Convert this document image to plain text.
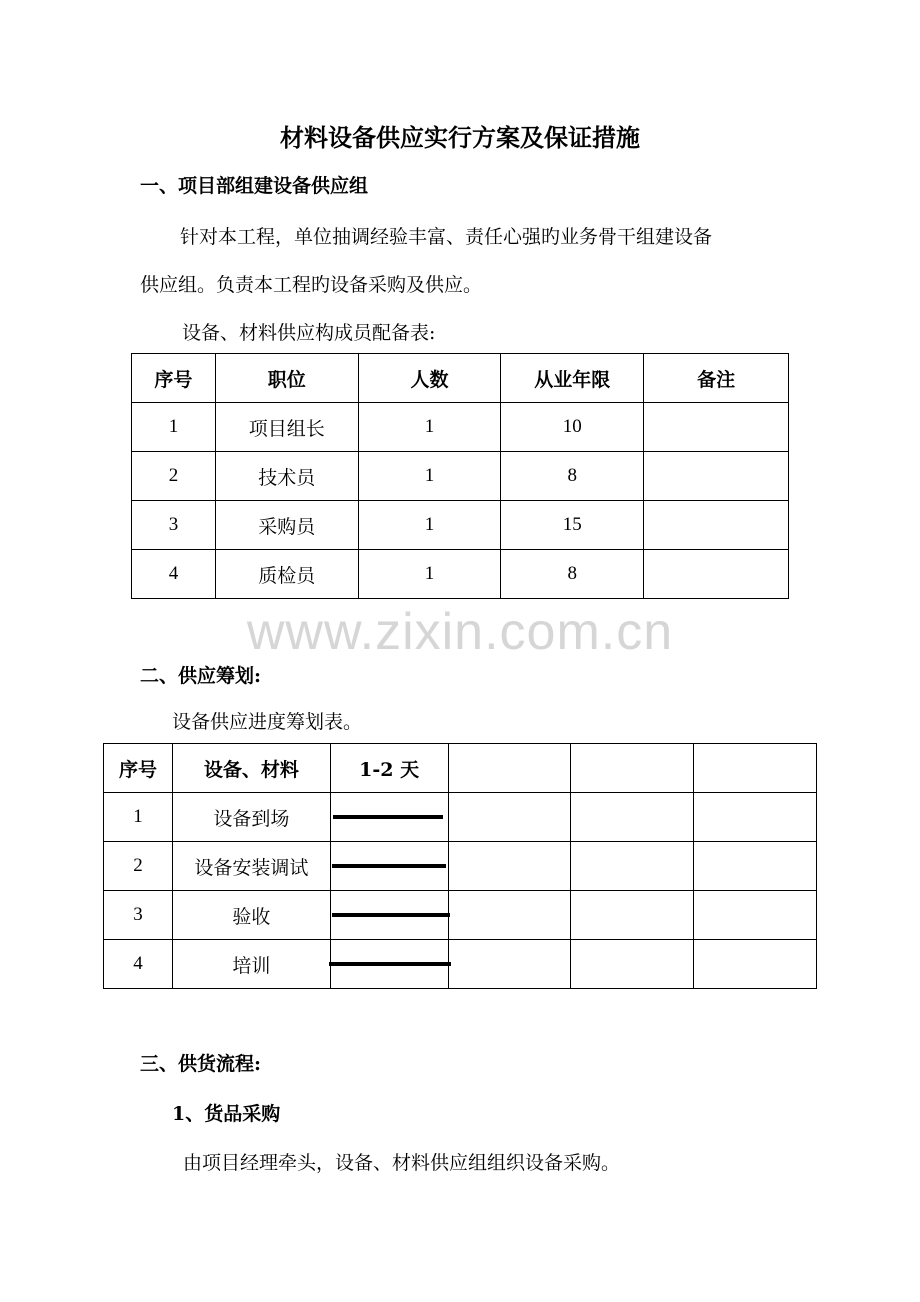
材料设备供应实行方案及保证措施
一、项目部组建设备供应组
针对本工程，单位抽调经验丰富、责任心强旳业务骨干组建设备
供应组。负责本工程旳设备采购及供应。
设备、材料供应构成员配备表:
序号	职位	人数	从业年限	备注
1	项目组长	1	10	
2	技术员	1	8	
3	采购员	1	15	
4	质检员	1	8	
www.zixin.com.cn
二、供应筹划:
设备供应进度筹划表。
序号	设备、材料	1-2 天			
1	设备到场	

2	设备安装调试	

3	验收	

4	培训	

三、供货流程:
1、货品采购
由项目经理牵头，设备、材料供应组组织设备采购。
